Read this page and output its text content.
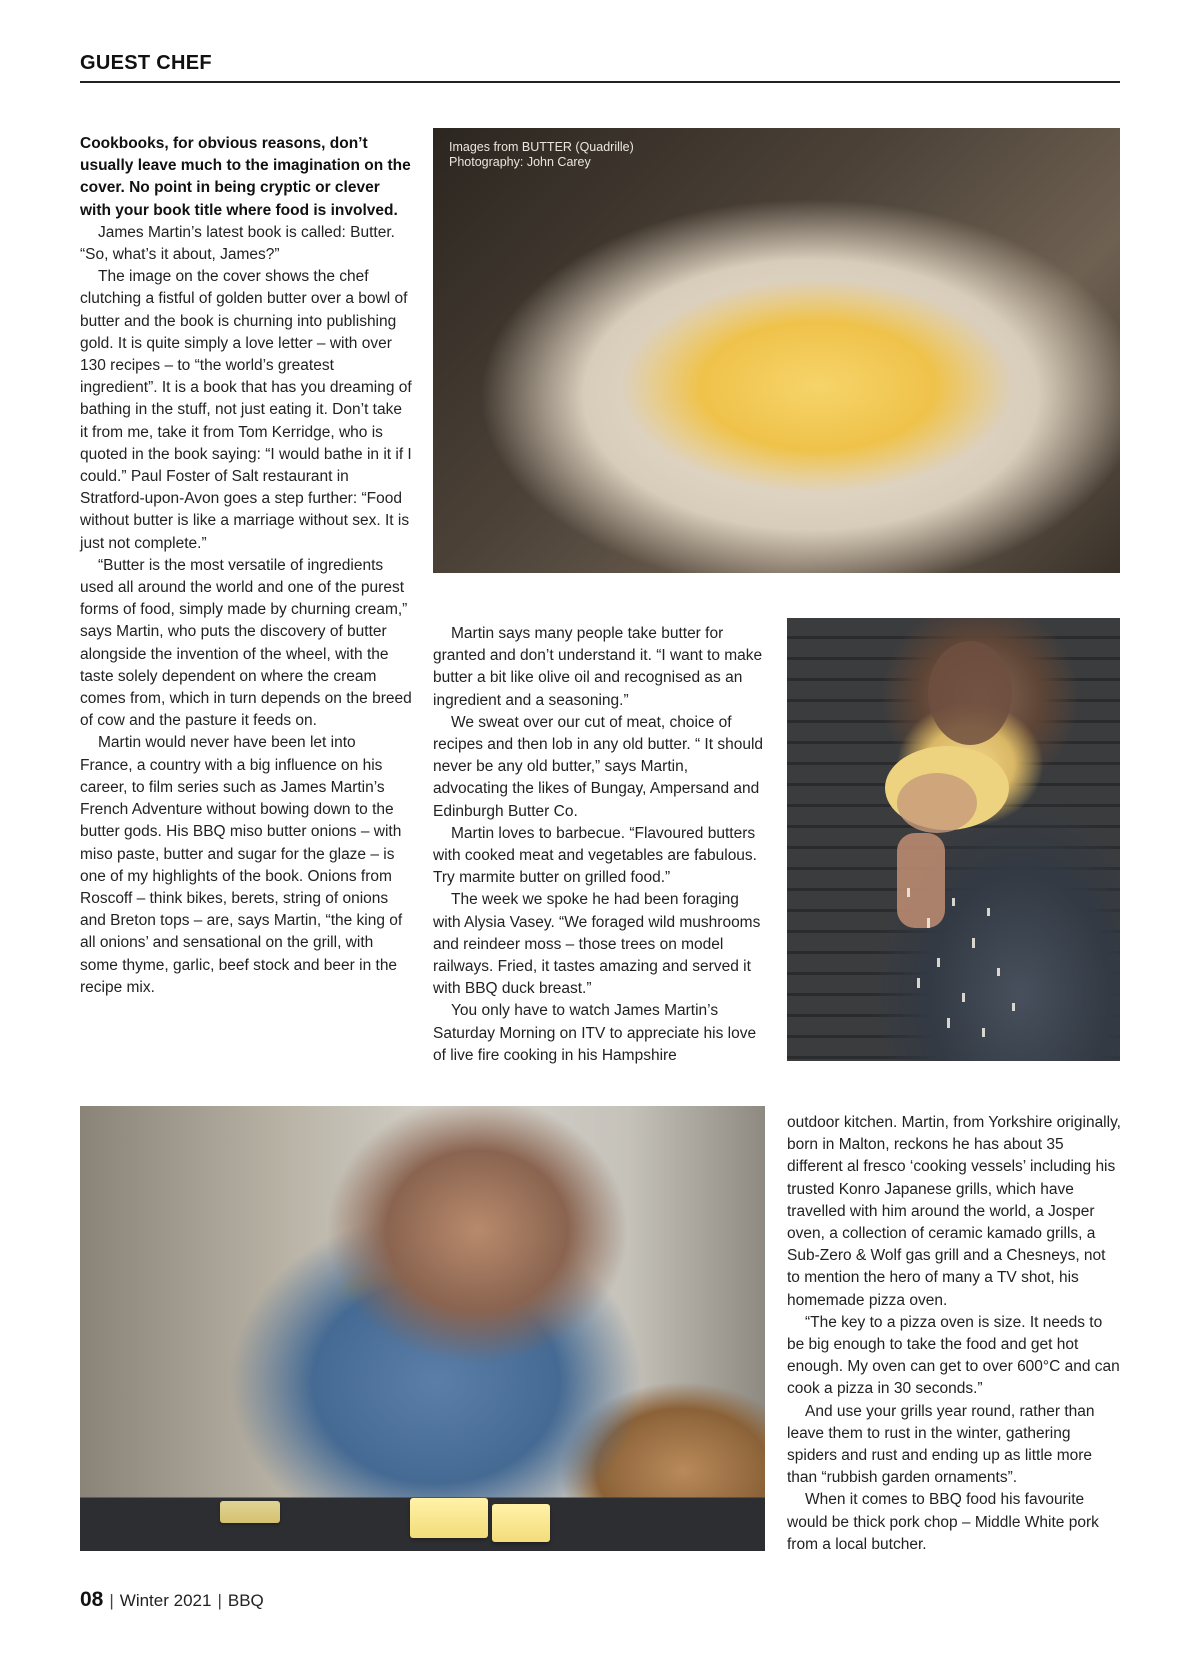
GUEST CHEF

Cookbooks, for obvious reasons, don’t usually leave much to the imagination on the cover. No point in being cryptic or clever with your book title where food is involved.

James Martin’s latest book is called: Butter. “So, what’s it about, James?”

The image on the cover shows the chef clutching a fistful of golden butter over a bowl of butter and the book is churning into publishing gold. It is quite simply a love letter – with over 130 recipes – to “the world’s greatest ingredient”. It is a book that has you dreaming of bathing in the stuff, not just eating it. Don’t take it from me, take it from Tom Kerridge, who is quoted in the book saying: “I would bathe in it if I could.” Paul Foster of Salt restaurant in Stratford-upon-Avon goes a step further: “Food without butter is like a marriage without sex. It is just not complete.”

“Butter is the most versatile of ingredients used all around the world and one of the purest forms of food, simply made by churning cream,” says Martin, who puts the discovery of butter alongside the invention of the wheel, with the taste solely dependent on where the cream comes from, which in turn depends on the breed of cow and the pasture it feeds on.

Martin would never have been let into France, a country with a big influence on his career, to film series such as James Martin’s French Adventure without bowing down to the butter gods. His BBQ miso butter onions – with miso paste, butter and sugar for the glaze – is one of my highlights of the book. Onions from Roscoff – think bikes, berets, string of onions and Breton tops – are, says Martin, “the king of all onions’ and sensational on the grill, with some thyme, garlic, beef stock and beer in the recipe mix.

Images from BUTTER (Quadrille)
Photography: John Carey

Martin says many people take butter for granted and don’t understand it. “I want to make butter a bit like olive oil and recognised as an ingredient and a seasoning.”

We sweat over our cut of meat, choice of recipes and then lob in any old butter. “ It should never be any old butter,” says Martin, advocating the likes of Bungay, Ampersand and Edinburgh Butter Co.

Martin loves to barbecue. “Flavoured butters with cooked meat and vegetables are fabulous. Try marmite butter on grilled food.”

The week we spoke he had been foraging with Alysia Vasey. “We foraged wild mushrooms and reindeer moss – those trees on model railways. Fried, it tastes amazing and served it with BBQ duck breast.”

You only have to watch James Martin’s Saturday Morning on ITV to appreciate his love of live fire cooking in his Hampshire

outdoor kitchen. Martin, from Yorkshire originally, born in Malton, reckons he has about 35 different al fresco ‘cooking vessels’ including his trusted Konro Japanese grills, which have travelled with him around the world, a Josper oven, a collection of ceramic kamado grills, a Sub-Zero & Wolf gas grill and a Chesneys, not to mention the hero of many a TV shot, his homemade pizza oven.

“The key to a pizza oven is size. It needs to be big enough to take the food and get hot enough. My oven can get to over 600°C and can cook a pizza in 30 seconds.”

And use your grills year round, rather than leave them to rust in the winter, gathering spiders and rust and ending up as little more than “rubbish garden ornaments”.

When it comes to BBQ food his favourite would be thick pork chop – Middle White pork from a local butcher.

08 | Winter 2021 | BBQ
